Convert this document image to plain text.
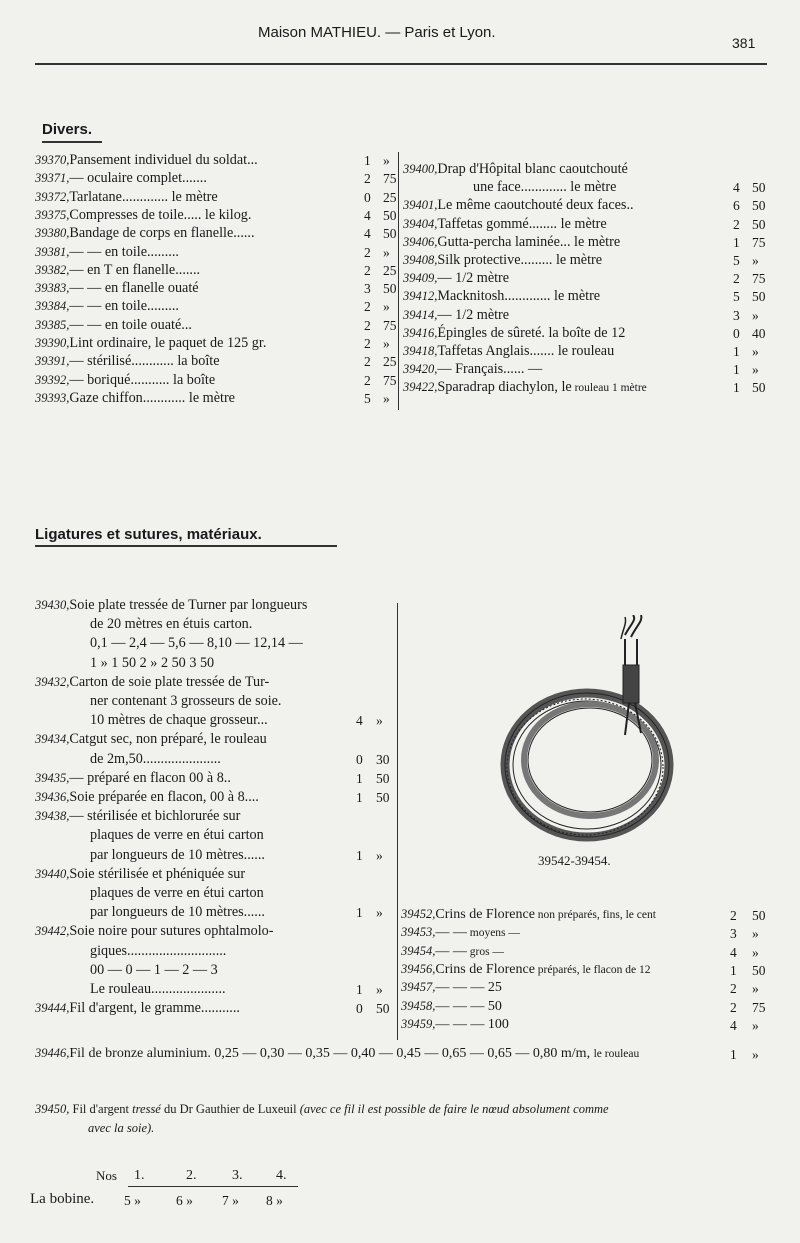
Maison MATHIEU. — Paris et Lyon.
381
Divers.
39370,Pansement individuel du soldat...	1 »
39371,— oculaire complet.......	2 75
39372,Tarlatane............. le mètre	0 25
39375,Compresses de toile..... le kilog.	4 50
39380,Bandage de corps en flanelle......	4 50
39381,— — en toile.........	2 »
39382,— en T en flanelle.......	2 25
39383,— — en flanelle ouaté	3 50
39384,— — en toile.........	2 »
39385,— — en toile ouaté...	2 75
39390,Lint ordinaire, le paquet de 125 gr.	2 »
39391,— stérilisé............ la boîte	2 25
39392,— boriqué........... la boîte	2 75
39393,Gaze chiffon............ le mètre	5 »
39400,Drap d'Hôpital blanc caoutchouté
une face............. le mètre	4 50
39401,Le même caoutchouté deux faces..	6 50
39404,Taffetas gommé........ le mètre	2 50
39406,Gutta-percha laminée... le mètre	1 75
39408,Silk protective......... le mètre	5 »
39409,— 1/2 mètre	2 75
39412,Macknitosh............. le mètre	5 50
39414,— 1/2 mètre	3 »
39416,Épingles de sûreté. la boîte de 12	0 40
39418,Taffetas Anglais....... le rouleau	1 »
39420,— Français...... —	1 »
39422,Sparadrap diachylon, le rouleau 1 mètre	1 50
Ligatures et sutures, matériaux.
39430,Soie plate tressée de Turner par longueurs
de 20 mètres en étuis carton.
0,1 — 2,4 — 5,6 — 8,10 — 12,14 —
1 » 1 50 2 » 2 50 3 50
39432,Carton de soie plate tressée de Tur-
ner contenant 3 grosseurs de soie.
10 mètres de chaque grosseur...	4 »
39434,Catgut sec, non préparé, le rouleau
de 2m,50......................	0 30
39435,— préparé en flacon 00 à 8..	1 50
39436,Soie préparée en flacon, 00 à 8....	1 50
39438,— stérilisée et bichlorurée sur
plaques de verre en étui carton
par longueurs de 10 mètres......	1 »
39440,Soie stérilisée et phéniquée sur
plaques de verre en étui carton
par longueurs de 10 mètres......	1 »
39442,Soie noire pour sutures ophtalmolo-
giques............................
00 — 0 — 1 — 2 — 3
Le rouleau.....................	1 »
39444,Fil d'argent, le gramme...........	0 50
39542-39454.
39452,Crins de Florence non préparés, fins, le cent	2 50
39453,— — moyens —	3 »
39454,— — gros —	4 »
39456,Crins de Florence préparés, le flacon de 12	1 50
39457,— — — 25	2 »
39458,— — — 50	2 75
39459,— — — 100	4 »
39446,Fil de bronze aluminium. 0,25 — 0,30 — 0,35 — 0,40 — 0,45 — 0,65 — 0,65 — 0,80 m/m, le rouleau	1 »
39450, Fil d'argent tressé du Dr Gauthier de Luxeuil (avec ce fil il est possible de faire le nœud absolument comme
avec la soie).
Nos 1.	2.	3. 4.
La bobine. 5 »	6 » 7 » 8 »
